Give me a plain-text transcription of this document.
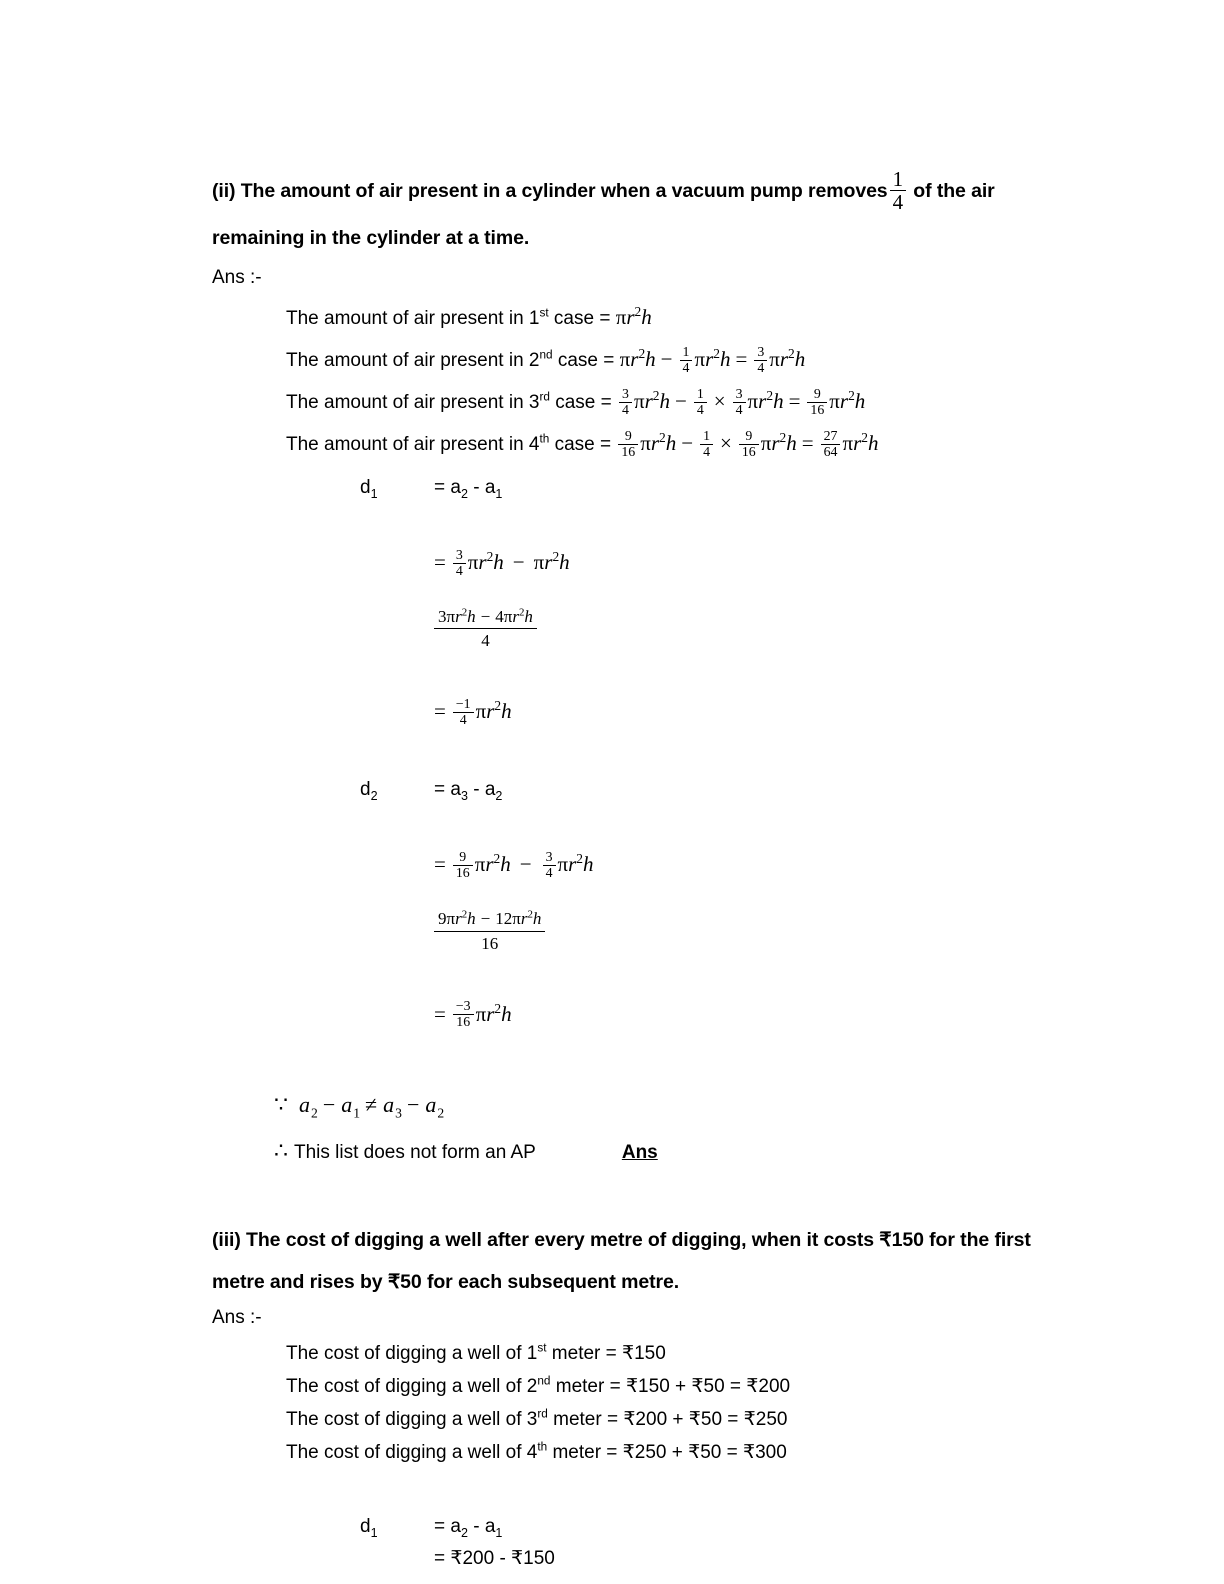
(ii) The amount of air present in a cylinder when a vacuum pump removes $\frac{1}{4}$ of the air remaining in the cylinder at a time.
Ans :-
The amount of air present in 1st case = $\pi r^2h$
The amount of air present in 2nd case = $\pi r^2h - \frac{1}{4} \pi r^2h = \frac{3}{4} \pi r^2h$
The amount of air present in 3rd case = $\frac{3}{4} \pi r^2h - \frac{1}{4} \times \frac{3}{4} \pi r^2h = \frac{9}{16} \pi r^2h$
The amount of air present in 4th case = $\frac{9}{16} \pi r^2h - \frac{1}{4} \times \frac{9}{16} \pi r^2h = \frac{27}{64} \pi r^2h$
$d_1$	= $a_2 - a_1$
= $\frac{3}{4} \pi r^2h - \pi r^2h$
$\frac{3\pi r^2h - 4\pi r^2h}{4}$
= $\frac{-1}{4} \pi r^2h$
$d_2$	= $a_3 - a_2$
= $\frac{9}{16} \pi r^2h - \frac{3}{4} \pi r^2h$
$\frac{9\pi r^2h - 12\pi r^2h}{16}$
= $\frac{-3}{16} \pi r^2h$
∵ $a_2 - a_1 \ne a_3 - a_2$
∴ This list does not form an AP	Ans
(iii) The cost of digging a well after every metre of digging, when it costs ₹150 for the first metre and rises by ₹50 for each subsequent metre.
Ans :-
The cost of digging a well of 1st meter = ₹150
The cost of digging a well of 2nd meter = ₹150 + ₹50 = ₹200
The cost of digging a well of 3rd meter = ₹200 + ₹50 = ₹250
The cost of digging a well of 4th meter = ₹250 + ₹50 = ₹300
$d_1$	= $a_2 - a_1$
= ₹200 - ₹150
